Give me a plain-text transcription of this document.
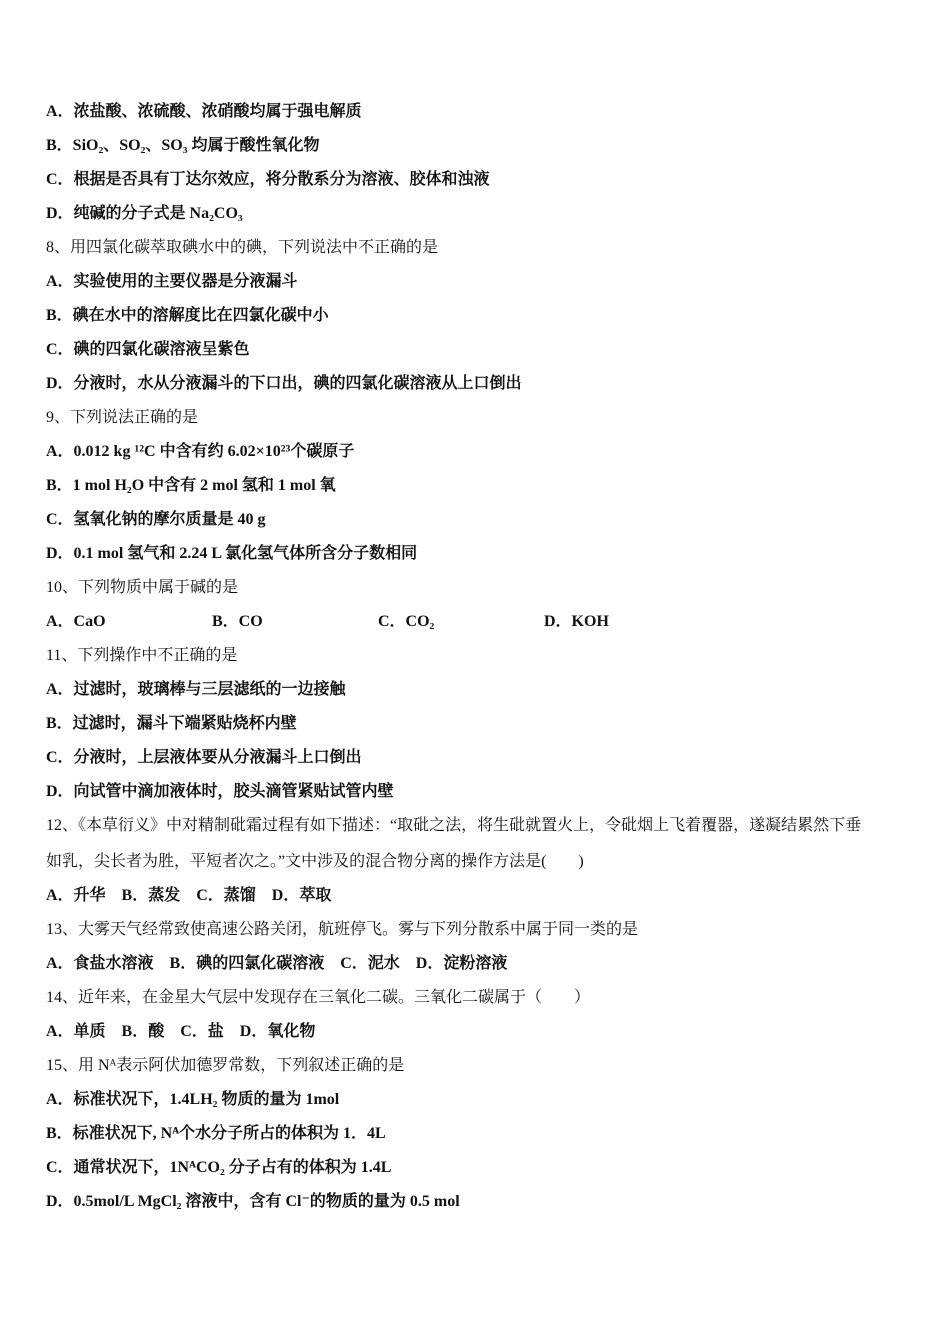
A．浓盐酸、浓硫酸、浓硝酸均属于强电解质
B．SiO₂、SO₂、SO₃ 均属于酸性氧化物
C．根据是否具有丁达尔效应，将分散系分为溶液、胶体和浊液
D．纯碱的分子式是 Na₂CO₃
8、用四氯化碳萃取碘水中的碘，下列说法中不正确的是
A．实验使用的主要仪器是分液漏斗
B．碘在水中的溶解度比在四氯化碳中小
C．碘的四氯化碳溶液呈紫色
D．分液时，水从分液漏斗的下口出，碘的四氯化碳溶液从上口倒出
9、下列说法正确的是
A．0.012 kg ¹²C 中含有约 6.02×10²³个碳原子
B．1 mol H₂O 中含有 2 mol 氢和 1 mol 氧
C．氢氧化钠的摩尔质量是 40 g
D．0.1 mol 氢气和 2.24 L 氯化氢气体所含分子数相同
10、下列物质中属于碱的是
A．CaO	B．CO	C．CO₂	D．KOH
11、下列操作中不正确的是
A．过滤时，玻璃棒与三层滤纸的一边接触
B．过滤时，漏斗下端紧贴烧杯内壁
C．分液时，上层液体要从分液漏斗上口倒出
D．向试管中滴加液体时，胶头滴管紧贴试管内壁
12、《本草衍义》中对精制砒霜过程有如下描述：“取砒之法，将生砒就置火上，令砒烟上飞着覆器，遂凝结累然下垂
如乳，尖长者为胜，平短者次之。”文中涉及的混合物分离的操作方法是(　　)
A．升华　B．蒸发　C．蒸馏　D．萃取
13、大雾天气经常致使高速公路关闭，航班停飞。雾与下列分散系中属于同一类的是
A．食盐水溶液　B．碘的四氯化碳溶液　C．泥水　D．淀粉溶液
14、近年来，在金星大气层中发现存在三氧化二碳。三氧化二碳属于（　　）
A．单质　B．酸　C．盐　D．氧化物
15、用 Nᴬ表示阿伏加德罗常数，下列叙述正确的是
A．标准状况下，1.4LH₂ 物质的量为 1mol
B．标准状况下, Nᴬ个水分子所占的体积为 1．4L
C．通常状况下，1NᴬCO₂ 分子占有的体积为 1.4L
D．0.5mol/L MgCl₂ 溶液中，含有 Cl⁻的物质的量为 0.5 mol
